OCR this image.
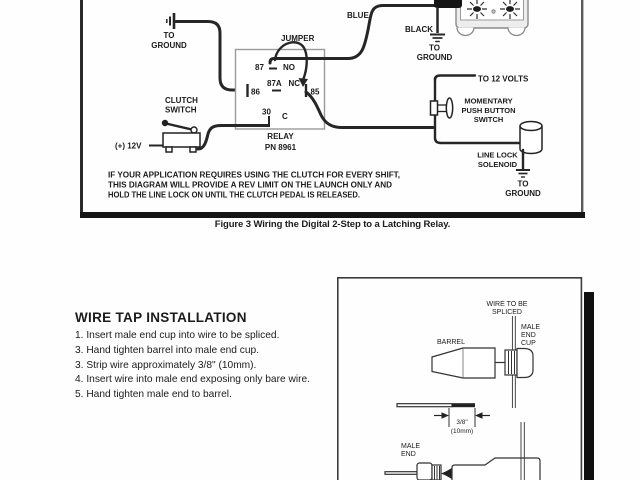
TO
GROUND
87 NO
87A NC
86	85
30 C
JUMPER
RELAY
PN 8961
TO 12 VOLTS
MOMENTARY
PUSH BUTTON
SWITCH
LINE LOCK
SOLENOID
TO
GROUND
BLACK
TO
GROUND
BLUE
CLUTCH
SWITCH
(+) 12V
IF YOUR APPLICATION REQUIRES USING THE CLUTCH FOR EVERY SHIFT,
THIS DIAGRAM WILL PROVIDE A REV LIMIT ON THE LAUNCH ONLY AND
HOLD THE LINE LOCK ON UNTIL THE CLUTCH PEDAL IS RELEASED.
Figure 3 Wiring the Digital 2-Step to a Latching Relay.
WIRE TAP INSTALLATION
1. Insert male end cup into wire to be spliced.
3. Hand tighten barrel into male end cup.
3. Strip wire approximately 3/8" (10mm).
4. Insert wire into male end exposing only bare wire.
5. Hand tighten male end to barrel.
WIRE TO BE
SPLICED
MALE
END
CUP
BARREL
3/8"
(10mm)
MALE
END
